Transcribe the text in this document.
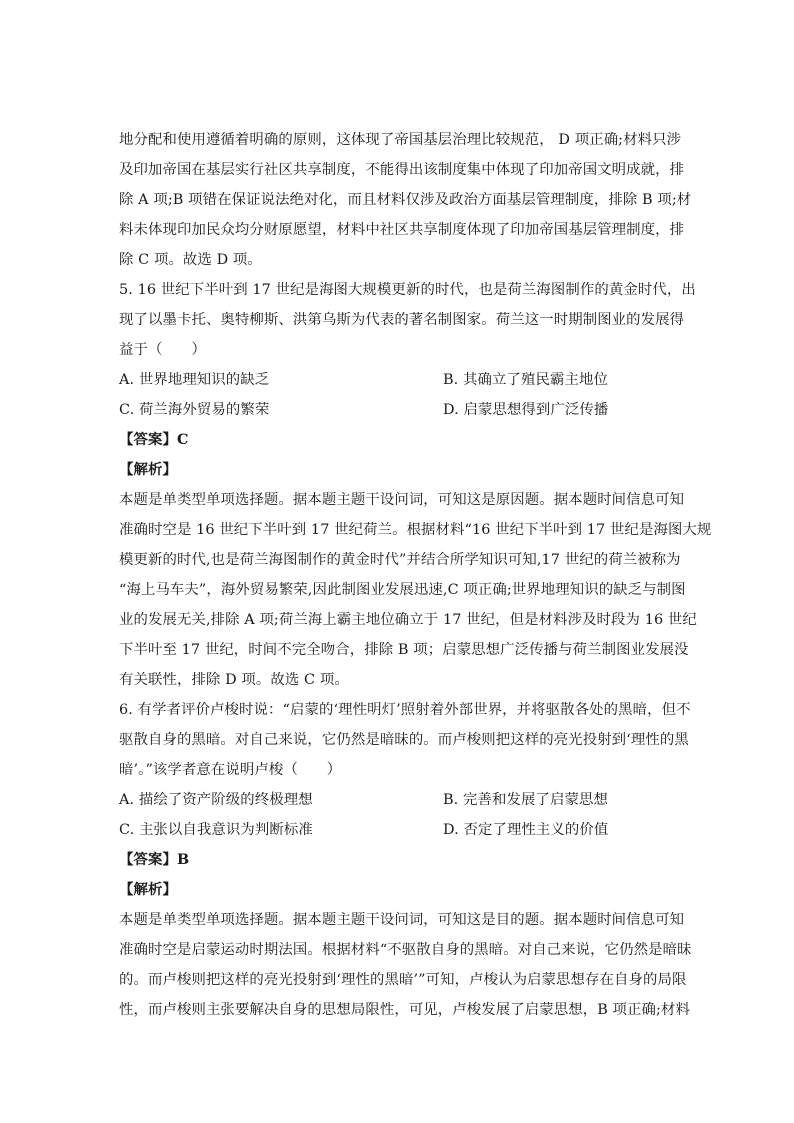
地分配和使用遵循着明确的原则，这体现了帝国基层治理比较规范， D 项正确;材料只涉
及印加帝国在基层实行社区共享制度，不能得出该制度集中体现了印加帝国文明成就，排
除 A 项;B 项错在保证说法绝对化，而且材料仅涉及政治方面基层管理制度，排除 B 项;材
料未体现印加民众均分财原愿望，材料中社区共享制度体现了印加帝国基层管理制度，排
除 C 项。故选 D 项。
5. 16 世纪下半叶到 17 世纪是海图大规模更新的时代，也是荷兰海图制作的黄金时代，出
现了以墨卡托、奥特柳斯、洪第乌斯为代表的著名制图家。荷兰这一时期制图业的发展得
益于（　　）
A. 世界地理知识的缺乏	B. 其确立了殖民霸主地位
C. 荷兰海外贸易的繁荣	D. 启蒙思想得到广泛传播
【答案】C
【解析】
本题是单类型单项选择题。据本题主题干设问词，可知这是原因题。据本题时间信息可知
准确时空是 16 世纪下半叶到 17 世纪荷兰。根据材料“16 世纪下半叶到 17 世纪是海图大规
模更新的时代,也是荷兰海图制作的黄金时代”并结合所学知识可知,17 世纪的荷兰被称为
“海上马车夫”，海外贸易繁荣,因此制图业发展迅速,C 项正确;世界地理知识的缺乏与制图
业的发展无关,排除 A 项;荷兰海上霸主地位确立于 17 世纪，但是材料涉及时段为 16 世纪
下半叶至 17 世纪，时间不完全吻合，排除 B 项；启蒙思想广泛传播与荷兰制图业发展没
有关联性，排除 D 项。故选 C 项。
6. 有学者评价卢梭时说：“启蒙的‘理性明灯’照射着外部世界，并将驱散各处的黑暗，但不
驱散自身的黑暗。对自己来说，它仍然是暗昧的。而卢梭则把这样的亮光投射到‘理性的黑
暗’。”该学者意在说明卢梭（　　）
A. 描绘了资产阶级的终极理想	B. 完善和发展了启蒙思想
C. 主张以自我意识为判断标准	D. 否定了理性主义的价值
【答案】B
【解析】
本题是单类型单项选择题。据本题主题干设问词，可知这是目的题。据本题时间信息可知
准确时空是启蒙运动时期法国。根据材料“不驱散自身的黑暗。对自己来说，它仍然是暗昧
的。而卢梭则把这样的亮光投射到‘理性的黑暗’”可知，卢梭认为启蒙思想存在自身的局限
性，而卢梭则主张要解决自身的思想局限性，可见，卢梭发展了启蒙思想，B 项正确;材料
